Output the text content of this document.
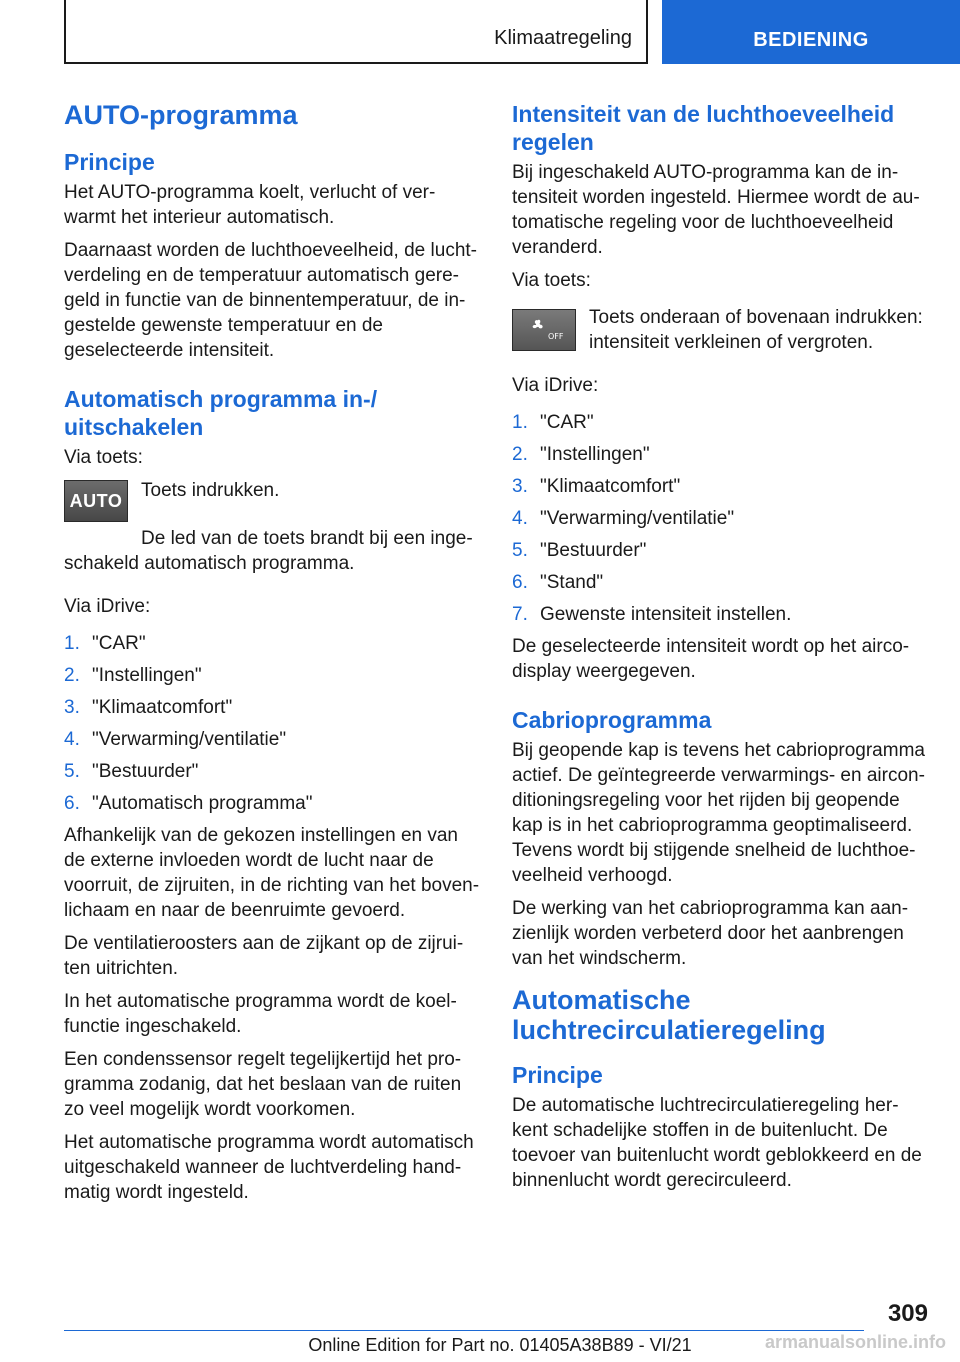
Klimaatregeling	BEDIENING
AUTO-programma
Principe

Het AUTO-programma koelt, verlucht of ver-warmt het interieur automatisch.

Daarnaast worden de luchthoeveelheid, de lucht-verdeling en de temperatuur automatisch gere-geld in functie van de binnentemperatuur, de in-gestelde gewenste temperatuur en de geselecteerde intensiteit.

Automatisch programma in-/ uitschakelen

Via toets:

AUTO Toets indrukken.

De led van de toets brandt bij een inge-schakeld automatisch programma.

Via iDrive:

1. "CAR"
2. "Instellingen"
3. "Klimaatcomfort"
4. "Verwarming/ventilatie"
5. "Bestuurder"
6. "Automatisch programma"

Afhankelijk van de gekozen instellingen en van de externe invloeden wordt de lucht naar de voorruit, de zijruiten, in de richting van het boven-lichaam en naar de beenruimte gevoerd.

De ventilatieroosters aan de zijkant op de zijrui-ten uitrichten.

In het automatische programma wordt de koel-functie ingeschakeld.

Een condenssensor regelt tegelijkertijd het pro-gramma zodanig, dat het beslaan van de ruiten zo veel mogelijk wordt voorkomen.

Het automatische programma wordt automatisch uitgeschakeld wanneer de luchtverdeling hand-matig wordt ingesteld.

Intensiteit van de luchthoeveelheid regelen

Bij ingeschakeld AUTO-programma kan de in-tensiteit worden ingesteld. Hiermee wordt de au-tomatische regeling voor de luchthoeveelheid veranderd.

Via toets:

OFF

Toets onderaan of bovenaan indrukken: intensiteit verkleinen of vergroten.

Via iDrive:

1. "CAR"
2. "Instellingen"
3. "Klimaatcomfort"
4. "Verwarming/ventilatie"
5. "Bestuurder"
6. "Stand"
7. Gewenste intensiteit instellen.

De geselecteerde intensiteit wordt op het airco-display weergegeven.

Cabrioprogramma

Bij geopende kap is tevens het cabrioprogramma actief. De geïntegreerde verwarmings- en aircon-ditioningsregeling voor het rijden bij geopende kap is in het cabrioprogramma geoptimaliseerd. Tevens wordt bij stijgende snelheid de luchthoe-veelheid verhoogd.

De werking van het cabrioprogramma kan aan-zienlijk worden verbeterd door het aanbrengen van het windscherm.

Automatische luchtrecirculatieregeling
Principe

De automatische luchtrecirculatieregeling her-kent schadelijke stoffen in de buitenlucht. De toevoer van buitenlucht wordt geblokkeerd en de binnenlucht wordt gerecirculeerd.

309
Online Edition for Part no. 01405A38B89 - VI/21	armanualsonline.info
